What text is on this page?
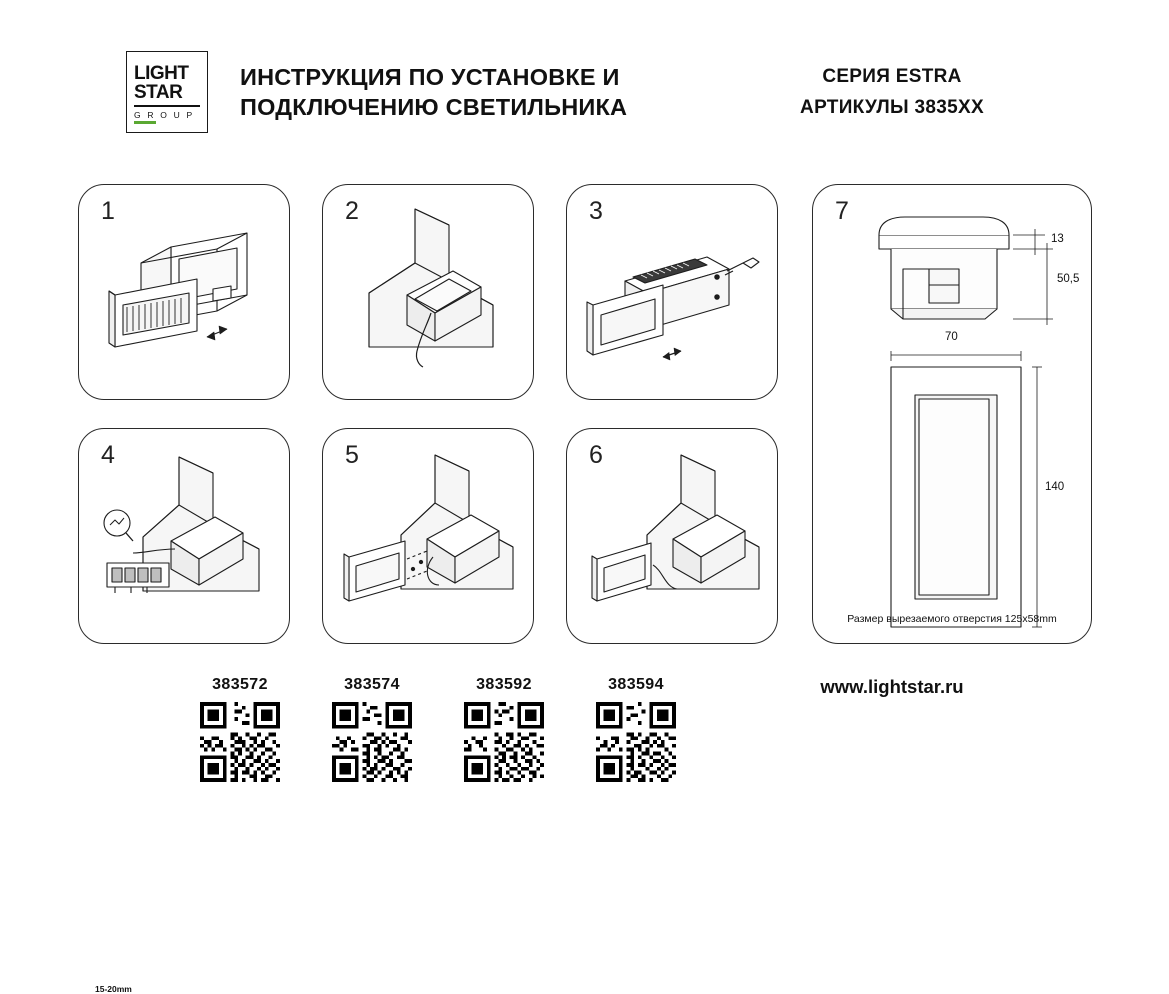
LIGHT
STAR
G R O U P
ИНСТРУКЦИЯ ПО УСТАНОВКЕ И ПОДКЛЮЧЕНИЮ СВЕТИЛЬНИКА
СЕРИЯ ESTRA
АРТИКУЛЫ 3835XX
1	2	3
4
15-20mm
5	6
7
13
50,5
70
140
Размер вырезаемого отверстия 125x58mm
383572	383574	383592	383594	www.lightstar.ru
